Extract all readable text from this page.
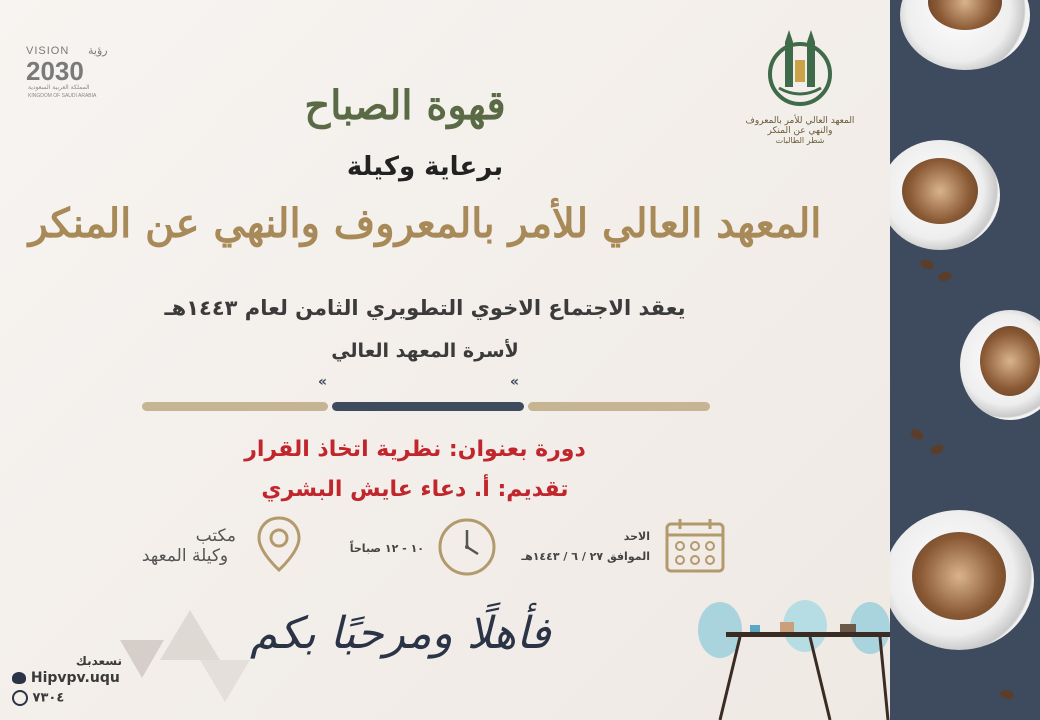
VISION رؤية
2030
المملكة العربية السعودية
KINGDOM OF SAUDI ARABIA
المعهد العالي للأمر بالمعروف والنهي عن المنكر
شطر الطالبات
قهوة الصباح
برعاية وكيلة
المعهد العالي للأمر بالمعروف والنهي عن المنكر
يعقد الاجتماع الاخوي التطويري الثامن لعام ١٤٤٣هـ
لأسرة المعهد العالي
«	«
دورة بعنوان: نظرية اتخاذ القرار
تقديم: أ. دعاء عايش البشري
الاحد
الموافق ٢٧ / ٦ / ١٤٤٣هـ
١٠ - ١٢ صباحاً
مكتب
وكيلة المعهد
فأهلًا ومرحبًا بكم
نسعدبك
Hipvpv.uqu
٧٣٠٤
